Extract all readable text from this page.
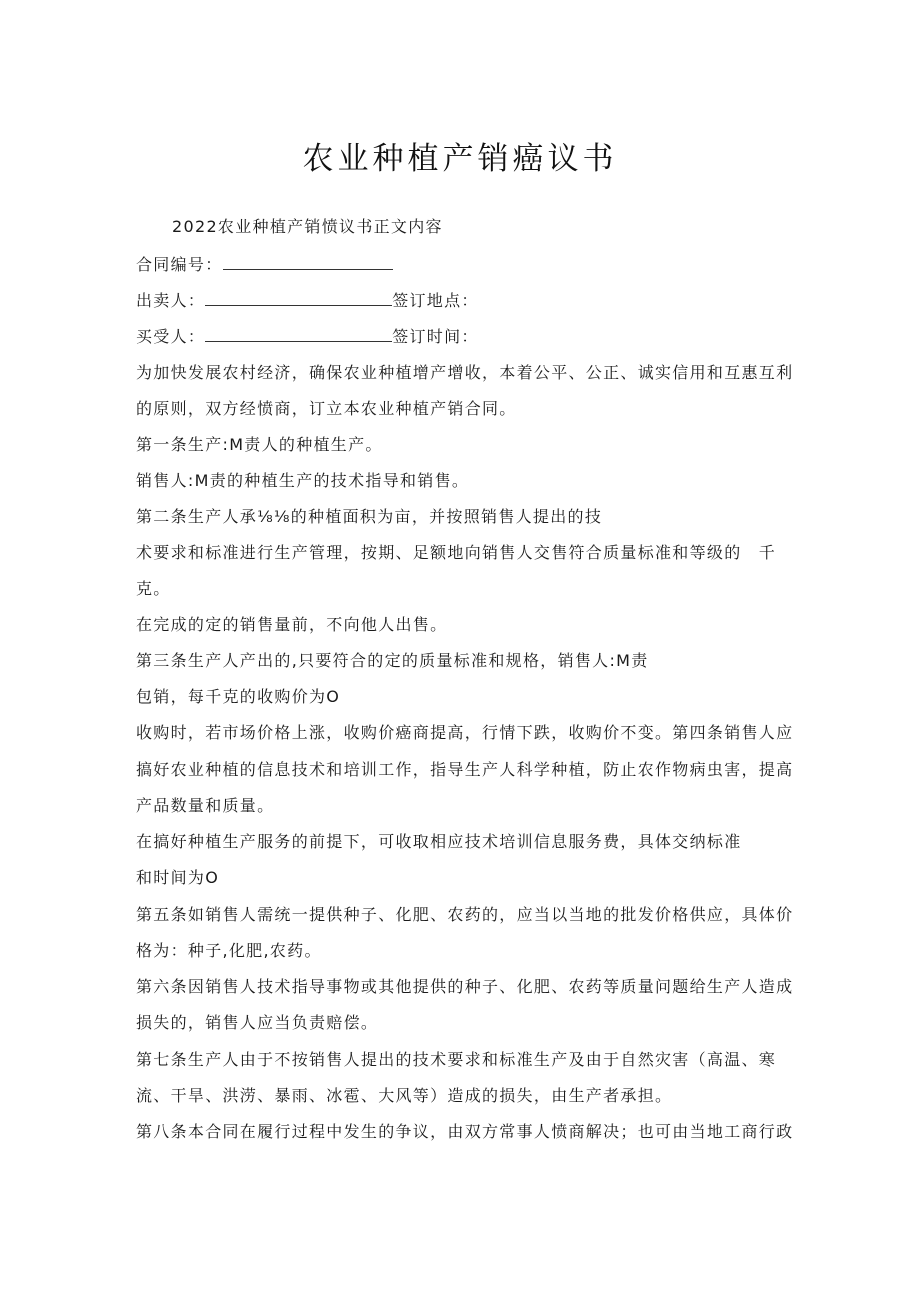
农业种植产销癌议书
2022农业种植产销愤议书正文内容
合同编号：
出卖人：	签订地点：
买受人：	签订时间：
为加快发展农村经济，确保农业种植增产增收，本着公平、公正、诚实信用和互惠互利
的原则，双方经愤商，订立本农业种植产销合同。
第一条生产:M责人的种植生产。
销售人:M责的种植生产的技术指导和销售。
第二条生产人承⅛⅛的种植面积为亩，并按照销售人提出的技
术要求和标准进行生产管理，按期、足额地向销售人交售符合质量标准和等级的　千
克。
在完成的定的销售量前，不向他人出售。
第三条生产人产出的,只要符合的定的质量标准和规格，销售人:M责
包销，每千克的收购价为O
收购时，若市场价格上涨，收购价癌商提高，行情下跌，收购价不变。第四条销售人应
搞好农业种植的信息技术和培训工作，指导生产人科学种植，防止农作物病虫害，提高
产品数量和质量。
在搞好种植生产服务的前提下，可收取相应技术培训信息服务费，具体交纳标准
和时间为O
第五条如销售人需统一提供种子、化肥、农药的，应当以当地的批发价格供应，具体价
格为：种子,化肥,农药。
第六条因销售人技术指导事物或其他提供的种子、化肥、农药等质量问题给生产人造成
损失的，销售人应当负责赔偿。
第七条生产人由于不按销售人提出的技术要求和标准生产及由于自然灾害（高温、寒
流、干旱、洪涝、暴雨、冰雹、大风等）造成的损失，由生产者承担。
第八条本合同在履行过程中发生的争议，由双方常事人愤商解决；也可由当地工商行政
